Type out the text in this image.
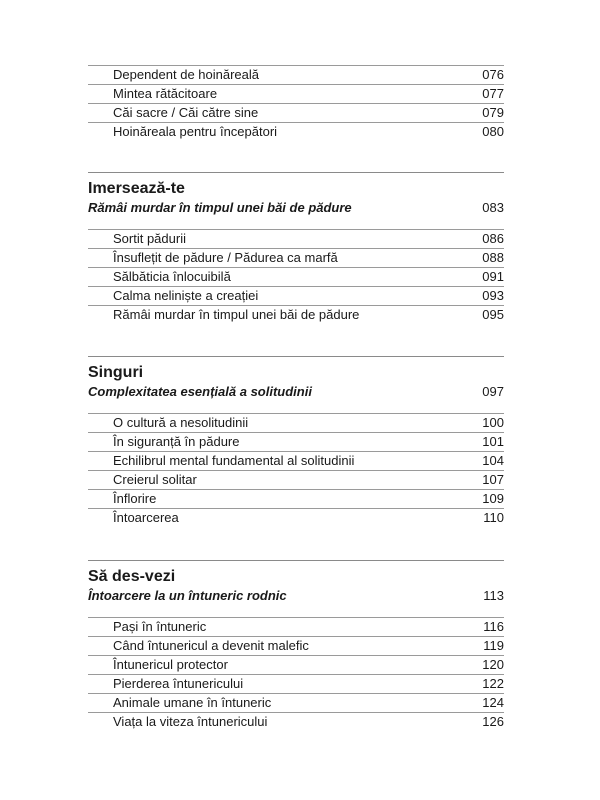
Dependent de hoinăreală	076
Mintea rătăcitoare	077
Căi sacre / Căi către sine	079
Hoinăreala pentru începători	080
Imersează-te
Rămâi murdar în timpul unei băi de pădure	083
Sortit pădurii	086
Însuflețit de pădure / Pădurea ca marfă	088
Sălbăticia înlocuibilă	091
Calma neliniște a creației	093
Rămâi murdar în timpul unei băi de pădure	095
Singuri
Complexitatea esențială a solitudinii	097
O cultură a nesolitudinii	100
În siguranță în pădure	101
Echilibrul mental fundamental al solitudinii	104
Creierul solitar	107
Înflorire	109
Întoarcerea	110
Să des-vezi
Întoarcere la un întuneric rodnic	113
Pași în întuneric	116
Când întunericul a devenit malefic	119
Întunericul protector	120
Pierderea întunericului	122
Animale umane în întuneric	124
Viața la viteza întunericului	126
